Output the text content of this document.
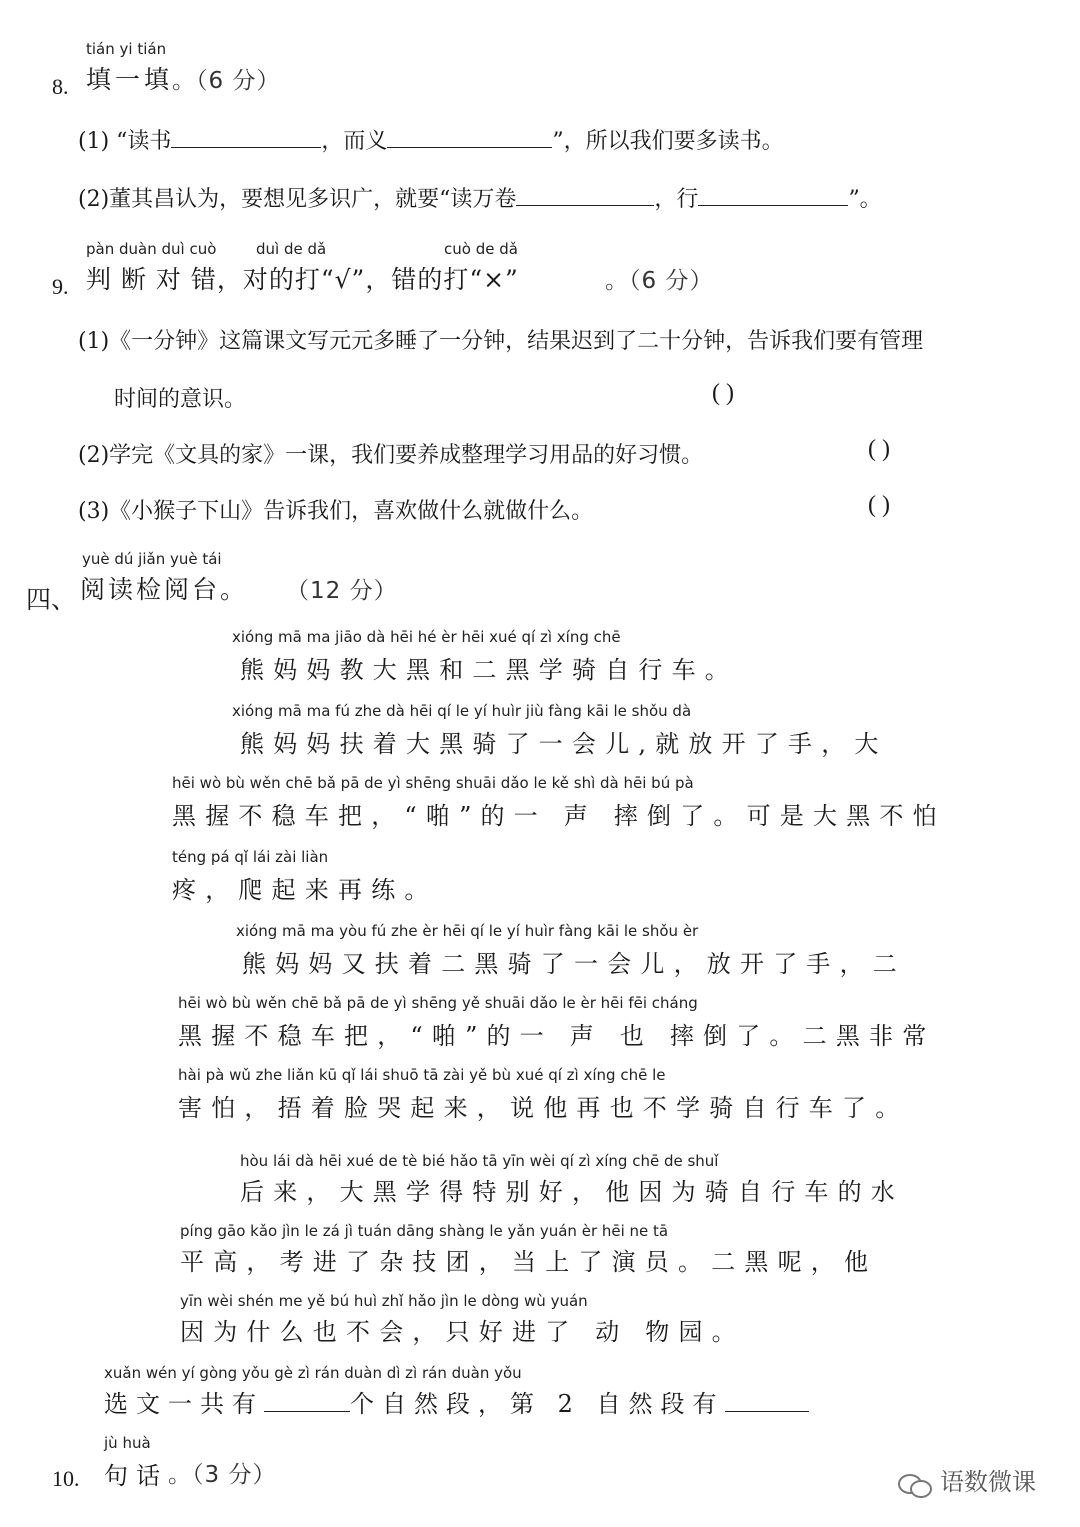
tián yi tián
8. 填一填
。（6 分）
(1) “读书	，而义	”，所以我们要多读书。
(2)董其昌认为，要想见多识广，就要“读万卷	，行	”。
pàn duàn duì cuò	duì de dǎ	cuò de dǎ
9. 判 断 对 错，对的打“√”，错的打“×”	。（6 分）
(1)《一分钟》这篇课文写元元多睡了一分钟，结果迟到了二十分钟，告诉我们要有管理
时间的意识。	( )
(2)学完《文具的家》一课，我们要养成整理学习用品的好习惯。	( )
(3)《小猴子下山》告诉我们，喜欢做什么就做什么。	( )
yuè dú jiǎn yuè tái
四、 阅读检阅台。 （12 分）
xióng mā ma jiāo dà hēi hé èr hēi xué qí zì xíng chē
熊妈妈教大黑和二黑学骑自行车。
xióng mā ma fú zhe dà hēi qí le yí huìr jiù fàng kāi le shǒu dà
熊妈妈扶着大黑骑了一会儿,就放开了手，大
hēi wò bù wěn chē bǎ pā de yì shēng shuāi dǎo le kě shì dà hēi bú pà
黑握不稳车把，“啪”的一 声 摔倒了。可是大黑不怕
téng pá qǐ lái zài liàn
疼，爬起来再练。
xióng mā ma yòu fú zhe èr hēi qí le yí huìr fàng kāi le shǒu èr
熊妈妈又扶着二黑骑了一会儿，放开了手，二
hēi wò bù wěn chē bǎ pā de yì shēng yě shuāi dǎo le èr hēi fēi cháng
黑握不稳车把，“啪”的一 声 也 摔倒了。二黑非常
hài pà wǔ zhe liǎn kū qǐ lái shuō tā zài yě bù xué qí zì xíng chē le
害怕，捂着脸哭起来，说他再也不学骑自行车了。
hòu lái dà hēi xué de tè bié hǎo tā yīn wèi qí zì xíng chē de shuǐ
后来，大黑学得特别好，他因为骑自行车的水
píng gāo kǎo jìn le zá jì tuán dāng shàng le yǎn yuán èr hēi ne tā
平高，考进了杂技团，当上了演员。二黑呢，他
yīn wèi shén me yě bú huì zhǐ hǎo jìn le dòng wù yuán
因为什么也不会，只好进了 动 物园。
xuǎn wén yí gòng yǒu gè zì rán duàn dì zì rán duàn yǒu
选文一共有	个自然段，第 2 自然段有
jù huà
10. 句话 。（3 分）	语数微课
